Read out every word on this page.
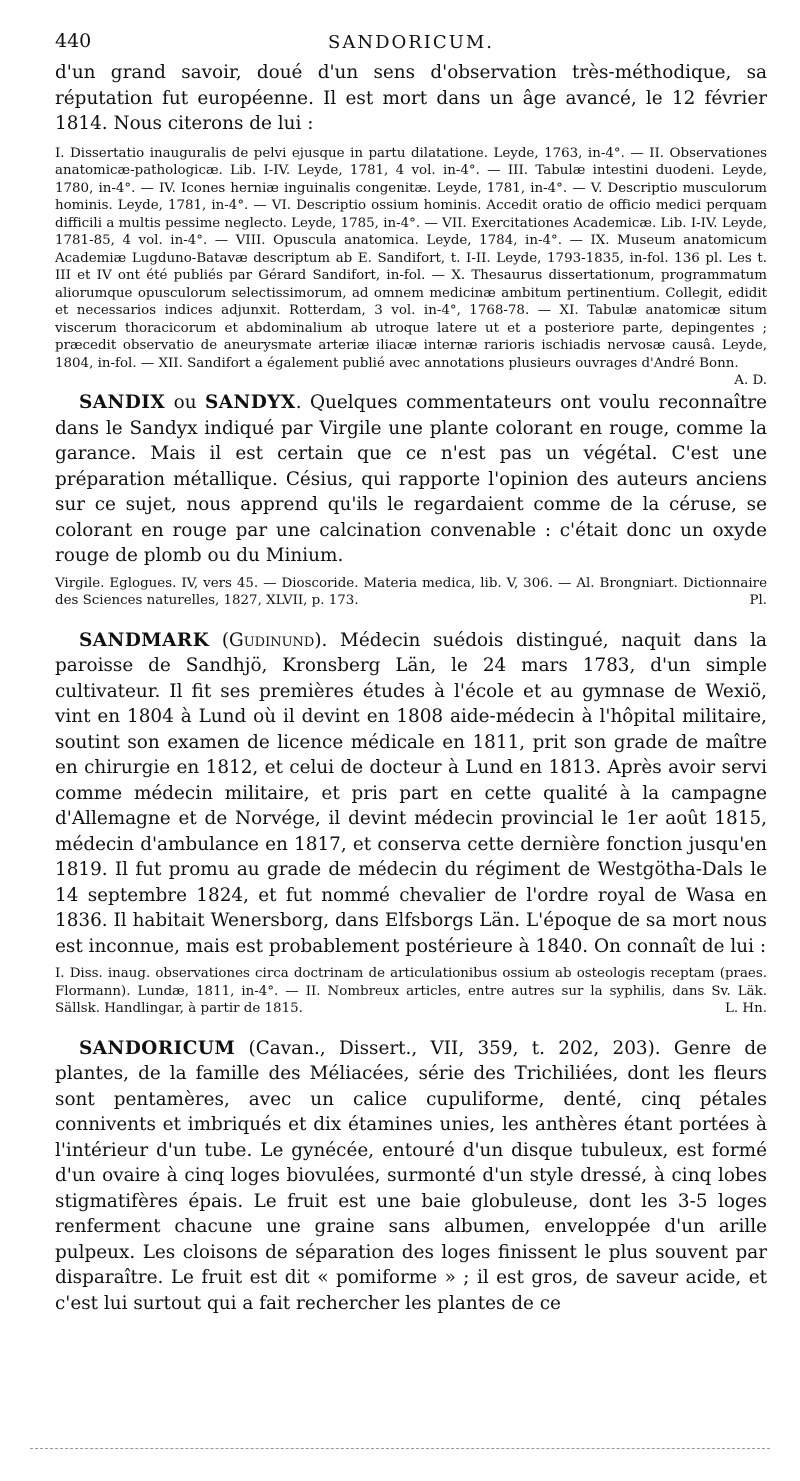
440	SANDORICUM.

d'un grand savoir, doué d'un sens d'observation très-méthodique, sa réputation fut européenne. Il est mort dans un âge avancé, le 12 février 1814. Nous citerons de lui :

I. Dissertatio inauguralis de pelvi ejusque in partu dilatatione. Leyde, 1763, in-4°. — II. Observationes anatomicæ-pathologicæ. Lib. I-IV. Leyde, 1781, 4 vol. in-4°. — III. Tabulæ intestini duodeni. Leyde, 1780, in-4°. — IV. Icones herniæ inguinalis congenitæ. Leyde, 1781, in-4°. — V. Descriptio musculorum hominis. Leyde, 1781, in-4°. — VI. Descriptio ossium hominis. Accedit oratio de officio medici perquam difficili a multis pessime neglecto. Leyde, 1785, in-4°. — VII. Exercitationes Academicæ. Lib. I-IV. Leyde, 1781-85, 4 vol. in-4°. — VIII. Opuscula anatomica. Leyde, 1784, in-4°. — IX. Museum anatomicum Academiæ Lugduno-Batavæ descriptum ab E. Sandifort, t. I-II. Leyde, 1793-1835, in-fol. 136 pl. Les t. III et IV ont été publiés par Gérard Sandifort, in-fol. — X. Thesaurus dissertationum, programmatum aliorumque opusculorum selectissimorum, ad omnem medicinæ ambitum pertinentium. Collegit, edidit et necessarios indices adjunxit. Rotterdam, 3 vol. in-4°, 1768-78. — XI. Tabulæ anatomicæ situm viscerum thoracicorum et abdominalium ab utroque latere ut et a posteriore parte, depingentes ; præcedit observatio de aneurysmate arteriæ iliacæ internæ rarioris ischiadis nervosæ causâ. Leyde, 1804, in-fol. — XII. Sandifort a également publié avec annotations plusieurs ouvrages d'André Bonn.
A. D.

SANDIX ou SANDYX. Quelques commentateurs ont voulu reconnaître dans le Sandyx indiqué par Virgile une plante colorant en rouge, comme la garance. Mais il est certain que ce n'est pas un végétal. C'est une préparation métallique. Césius, qui rapporte l'opinion des auteurs anciens sur ce sujet, nous apprend qu'ils le regardaient comme de la céruse, se colorant en rouge par une calcination convenable : c'était donc un oxyde rouge de plomb ou du Minium.

Virgile. Eglogues. IV, vers 45. — Dioscoride. Materia medica, lib. V, 306. — Al. Brongniart. Dictionnaire des Sciences naturelles, 1827, XLVII, p. 173.	Pl.

SANDMARK (Gudinund). Médecin suédois distingué, naquit dans la paroisse de Sandhjö, Kronsberg Län, le 24 mars 1783, d'un simple cultivateur. Il fit ses premières études à l'école et au gymnase de Wexiö, vint en 1804 à Lund où il devint en 1808 aide-médecin à l'hôpital militaire, soutint son examen de licence médicale en 1811, prit son grade de maître en chirurgie en 1812, et celui de docteur à Lund en 1813. Après avoir servi comme médecin militaire, et pris part en cette qualité à la campagne d'Allemagne et de Norvége, il devint médecin provincial le 1er août 1815, médecin d'ambulance en 1817, et conserva cette dernière fonction jusqu'en 1819. Il fut promu au grade de médecin du régiment de Westgötha-Dals le 14 septembre 1824, et fut nommé chevalier de l'ordre royal de Wasa en 1836. Il habitait Wenersborg, dans Elfsborgs Län. L'époque de sa mort nous est inconnue, mais est probablement postérieure à 1840. On connaît de lui :

I. Diss. inaug. observationes circa doctrinam de articulationibus ossium ab osteologis receptam (praes. Flormann). Lundæ, 1811, in-4°. — II. Nombreux articles, entre autres sur la syphilis, dans Sv. Läk. Sällsk. Handlingar, à partir de 1815.	L. Hn.

SANDORICUM (Cavan., Dissert., VII, 359, t. 202, 203). Genre de plantes, de la famille des Méliacées, série des Trichiliées, dont les fleurs sont pentamères, avec un calice cupuliforme, denté, cinq pétales connivents et imbriqués et dix étamines unies, les anthères étant portées à l'intérieur d'un tube. Le gynécée, entouré d'un disque tubuleux, est formé d'un ovaire à cinq loges biovulées, surmonté d'un style dressé, à cinq lobes stigmatifères épais. Le fruit est une baie globuleuse, dont les 3-5 loges renferment chacune une graine sans albumen, enveloppée d'un arille pulpeux. Les cloisons de séparation des loges finissent le plus souvent par disparaître. Le fruit est dit « pomiforme » ; il est gros, de saveur acide, et c'est lui surtout qui a fait rechercher les plantes de ce
